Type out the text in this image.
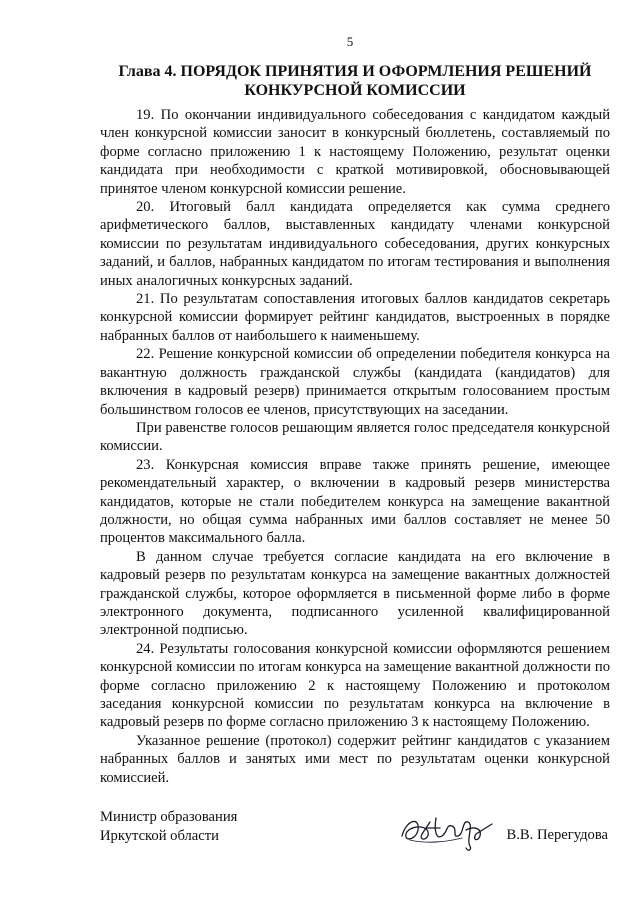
5
Глава 4. ПОРЯДОК ПРИНЯТИЯ И ОФОРМЛЕНИЯ РЕШЕНИЙ
КОНКУРСНОЙ КОМИССИИ

19. По окончании индивидуального собеседования с кандидатом каждый член конкурсной комиссии заносит в конкурсный бюллетень, составляемый по форме согласно приложению 1 к настоящему Положению, результат оценки кандидата при необходимости с краткой мотивировкой, обосновывающей принятое членом конкурсной комиссии решение.

20. Итоговый балл кандидата определяется как сумма среднего арифметического баллов, выставленных кандидату членами конкурсной комиссии по результатам индивидуального собеседования, других конкурсных заданий, и баллов, набранных кандидатом по итогам тестирования и выполнения иных аналогичных конкурсных заданий.

21. По результатам сопоставления итоговых баллов кандидатов секретарь конкурсной комиссии формирует рейтинг кандидатов, выстроенных в порядке набранных баллов от наибольшего к наименьшему.

22. Решение конкурсной комиссии об определении победителя конкурса на вакантную должность гражданской службы (кандидата (кандидатов) для включения в кадровый резерв) принимается открытым голосованием простым большинством голосов ее членов, присутствующих на заседании.

При равенстве голосов решающим является голос председателя конкурсной комиссии.

23. Конкурсная комиссия вправе также принять решение, имеющее рекомендательный характер, о включении в кадровый резерв министерства кандидатов, которые не стали победителем конкурса на замещение вакантной должности, но общая сумма набранных ими баллов составляет не менее 50 процентов максимального балла.

В данном случае требуется согласие кандидата на его включение в кадровый резерв по результатам конкурса на замещение вакантных должностей гражданской службы, которое оформляется в письменной форме либо в форме электронного документа, подписанного усиленной квалифицированной электронной подписью.

24. Результаты голосования конкурсной комиссии оформляются решением конкурсной комиссии по итогам конкурса на замещение вакантной должности по форме согласно приложению 2 к настоящему Положению и протоколом заседания конкурсной комиссии по результатам конкурса на включение в кадровый резерв по форме согласно приложению 3 к настоящему Положению.

Указанное решение (протокол) содержит рейтинг кандидатов с указанием набранных баллов и занятых ими мест по результатам оценки конкурсной комиссией.

Министр образования
Иркутской области	В.В. Перегудова
